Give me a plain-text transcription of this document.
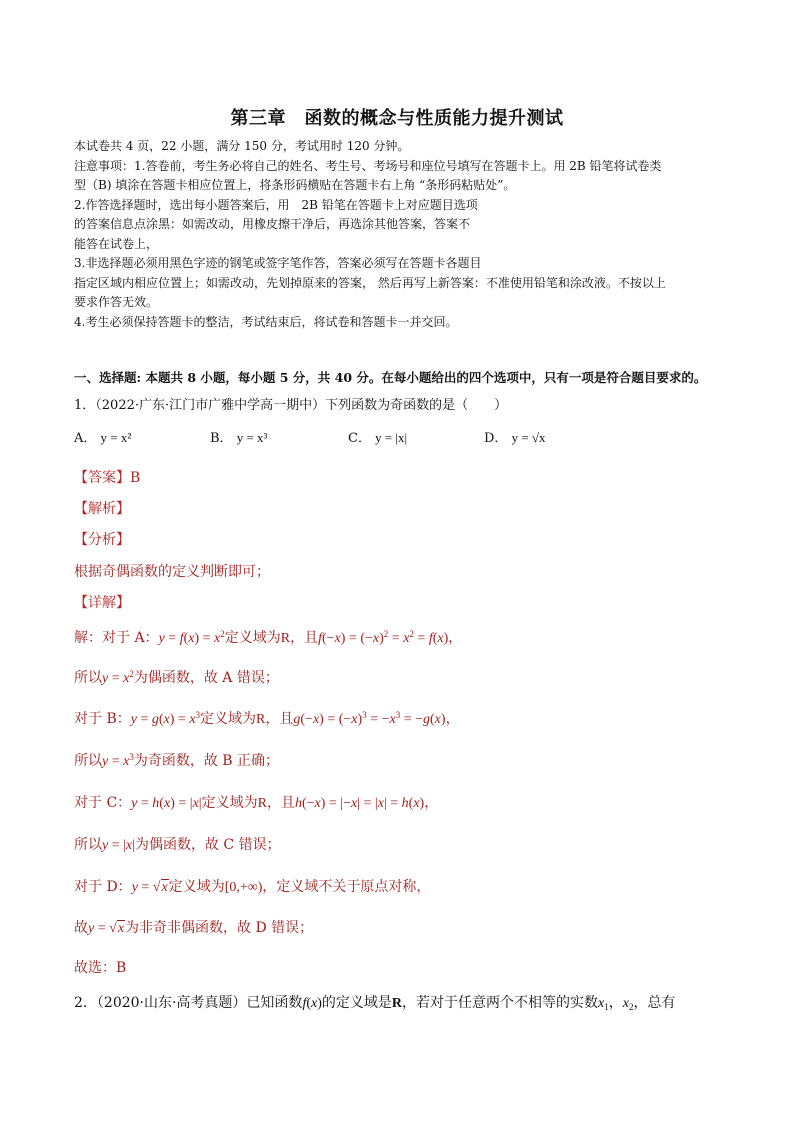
第三章　函数的概念与性质能力提升测试
本试卷共 4 页，22 小题，满分 150 分，考试用时 120 分钟。
注意事项：1.答卷前，考生务必将自己的姓名、考生号、考场号和座位号填写在答题卡上。用 2B 铅笔将试卷类
型（B) 填涂在答题卡相应位置上，将条形码横贴在答题卡右上角 “条形码粘贴处”。
2.作答选择题时，选出每小题答案后，用　2B 铅笔在答题卡上对应题目选项
的答案信息点涂黑：如需改动，用橡皮擦干净后，再选涂其他答案，答案不
能答在试卷上，
3.非选择题必须用黑色字迹的钢笔或签字笔作答，答案必须写在答题卡各题目
指定区域内相应位置上；如需改动，先划掉原来的答案， 然后再写上新答案：不准使用铅笔和涂改液。不按以上
要求作答无效。
4.考生必须保持答题卡的整洁，考试结束后，将试卷和答题卡一并交回。
一、选择题: 本题共 8 小题，每小题 5 分，共 40 分。在每小题给出的四个选项中，只有一项是符合题目要求的。
1．（2022·广东·江门市广雅中学高一期中）下列函数为奇函数的是（　　）
A． y = x²	B． y = x³	C． y = |x|	D． y = √x
【答案】B
【解析】
【分析】
根据奇偶函数的定义判断即可；
【详解】
解：对于 A：$y = f(x) = x^2$定义域为R，且$f(-x) = (-x)^2 = x^2 = f(x)$，
所以$y = x^2$为偶函数，故 A 错误；
对于 B：$y = g(x) = x^3$定义域为R，且$g(-x) = (-x)^3 = -x^3 = -g(x)$，
所以$y = x^3$为奇函数，故 B 正确；
对于 C：y = h(x) = |x|定义域为R，且h(−x) = |−x| = |x| = h(x)，
所以y = |x|为偶函数，故 C 错误；
对于 D：y = √x定义域为[0,+∞)，定义域不关于原点对称，
故y = √x为非奇非偶函数，故 D 错误；
故选：B
2．（2020·山东·高考真题）已知函数f(x)的定义域是R，若对于任意两个不相等的实数$x_1$，$x_2$，总有
